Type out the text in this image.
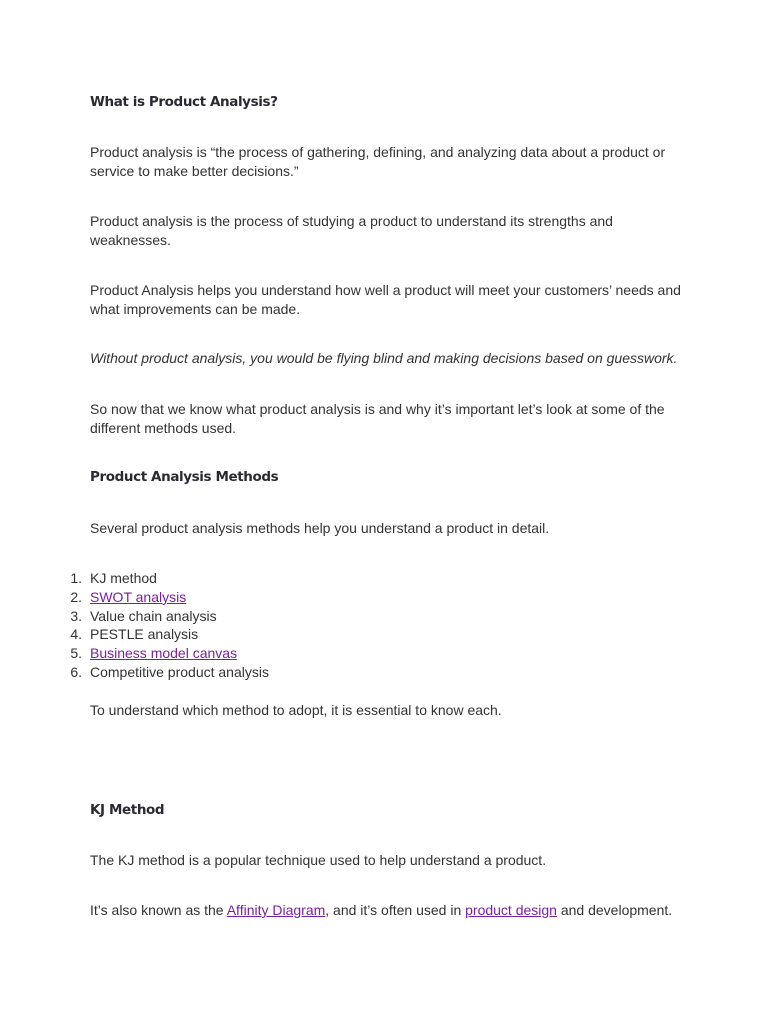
What is Product Analysis?

Product analysis is “the process of gathering, defining, and analyzing data about a product or service to make better decisions.”

Product analysis is the process of studying a product to understand its strengths and weaknesses.

Product Analysis helps you understand how well a product will meet your customers’ needs and what improvements can be made.

Without product analysis, you would be flying blind and making decisions based on guesswork.

So now that we know what product analysis is and why it’s important let’s look at some of the different methods used.

Product Analysis Methods

Several product analysis methods help you understand a product in detail.

1. KJ method
2. SWOT analysis
3. Value chain analysis
4. PESTLE analysis
5. Business model canvas
6. Competitive product analysis

To understand which method to adopt, it is essential to know each.

KJ Method

The KJ method is a popular technique used to help understand a product.

It’s also known as the Affinity Diagram, and it’s often used in product design and development.
